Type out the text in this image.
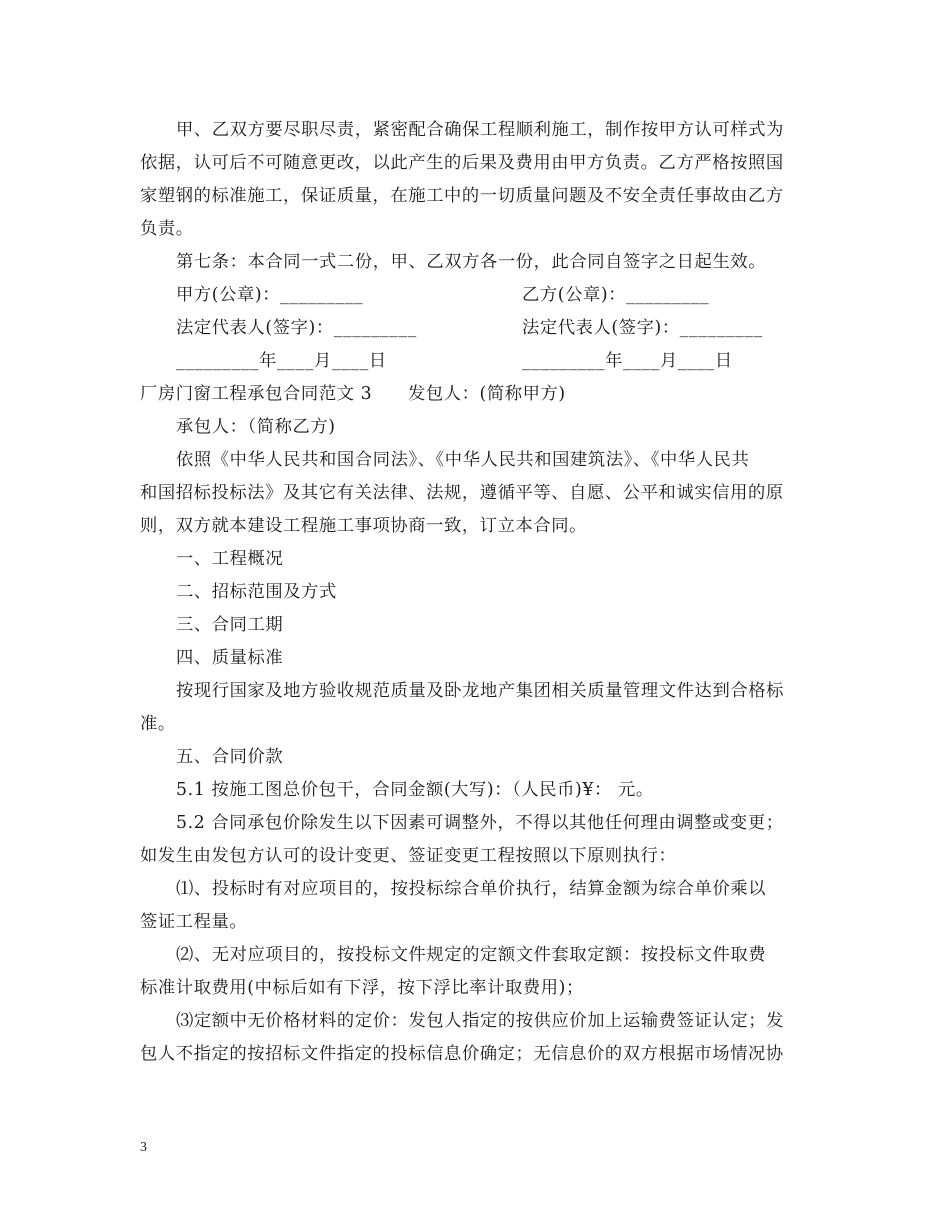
甲、乙双方要尽职尽责，紧密配合确保工程顺利施工，制作按甲方认可样式为
依据，认可后不可随意更改，以此产生的后果及费用由甲方负责。乙方严格按照国
家塑钢的标准施工，保证质量，在施工中的一切质量问题及不安全责任事故由乙方
负责。
第七条：本合同一式二份，甲、乙双方各一份，此合同自签字之日起生效。
甲方(公章)：_________	乙方(公章)：_________
法定代表人(签字)：_________	法定代表人(签字)：_________
_________年____月____日	_________年____月____日
厂房门窗工程承包合同范文 3　　发包人：(简称甲方)
承包人：（简称乙方)
依照《中华人民共和国合同法》、《中华人民共和国建筑法》、《中华人民共
和国招标投标法》及其它有关法律、法规，遵循平等、自愿、公平和诚实信用的原
则，双方就本建设工程施工事项协商一致，订立本合同。
一、工程概况
二、招标范围及方式
三、合同工期
四、质量标准
按现行国家及地方验收规范质量及卧龙地产集团相关质量管理文件达到合格标
准。
五、合同价款
5.1 按施工图总价包干，合同金额(大写)：（人民币)¥： 元。
5.2 合同承包价除发生以下因素可调整外，不得以其他任何理由调整或变更；
如发生由发包方认可的设计变更、签证变更工程按照以下原则执行：
⑴、投标时有对应项目的，按投标综合单价执行，结算金额为综合单价乘以
签证工程量。
⑵、无对应项目的，按投标文件规定的定额文件套取定额：按投标文件取费
标准计取费用(中标后如有下浮，按下浮比率计取费用)；
⑶定额中无价格材料的定价：发包人指定的按供应价加上运输费签证认定；发
包人不指定的按招标文件指定的投标信息价确定；无信息价的双方根据市场情况协
3
